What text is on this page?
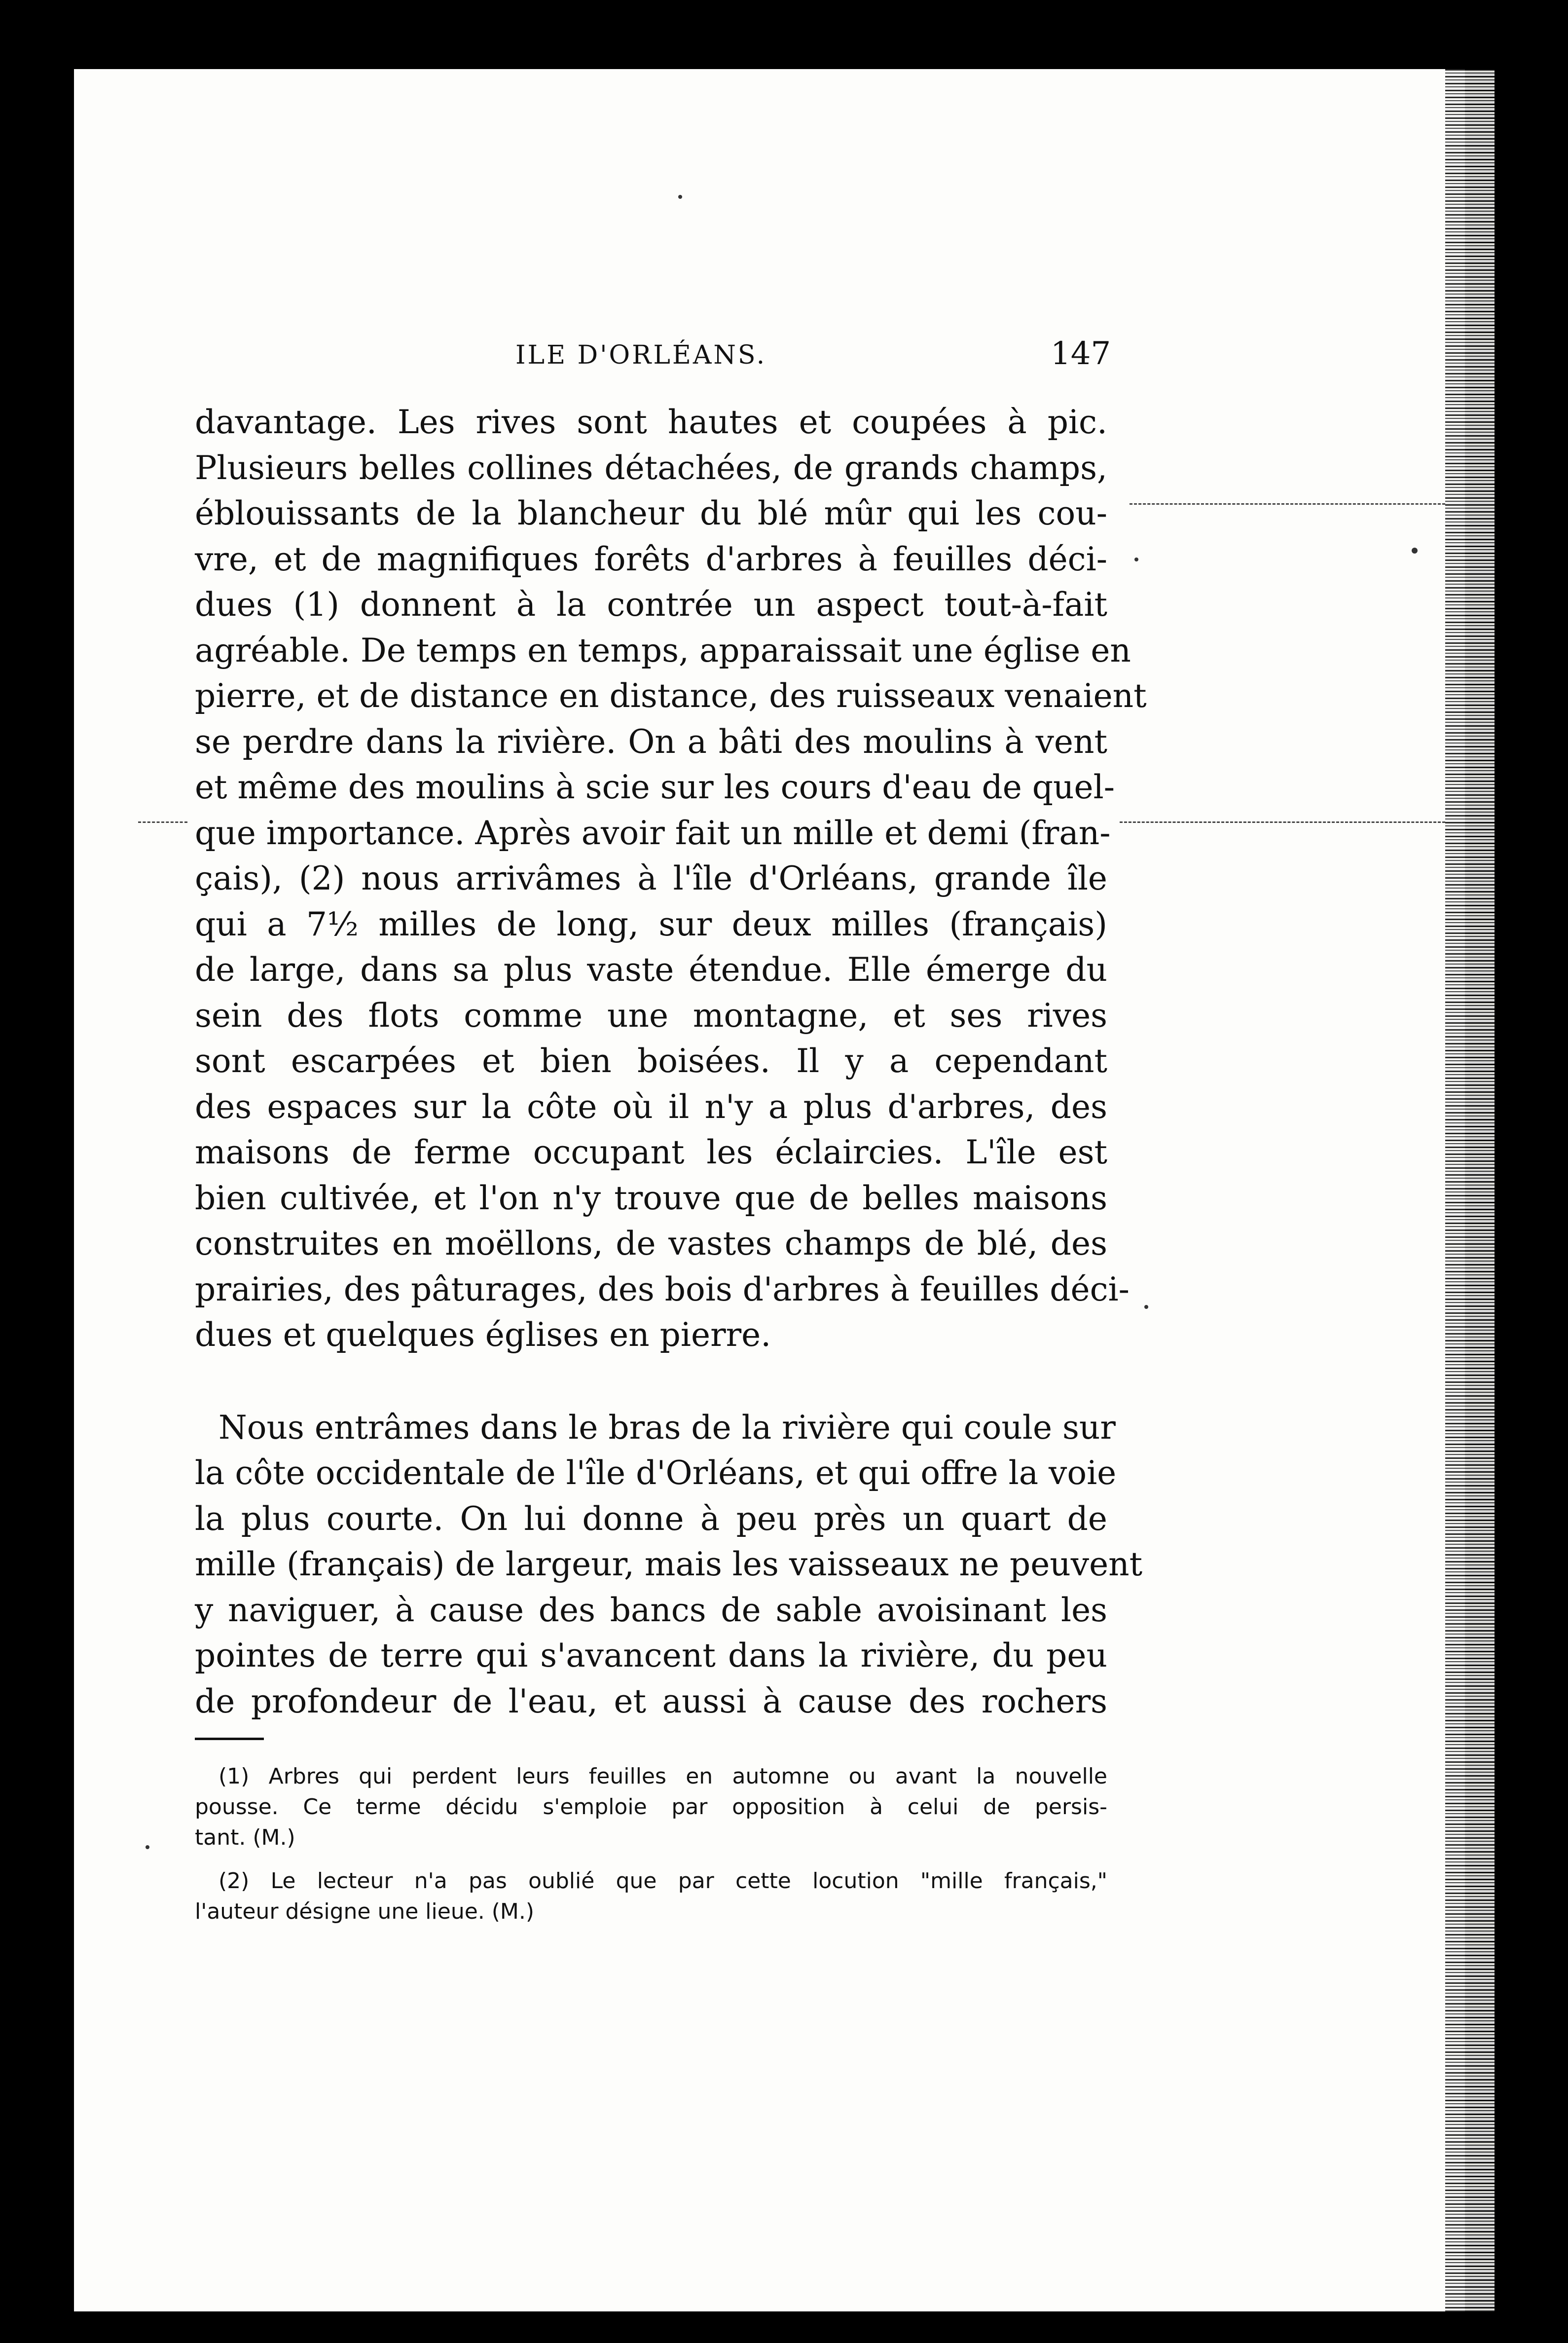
ILE D'ORLÉANS.	147
davantage. Les rives sont hautes et coupées à pic.
Plusieurs belles collines détachées, de grands champs,
éblouissants de la blancheur du blé mûr qui les cou-
vre, et de magnifiques forêts d'arbres à feuilles déci-
dues (1) donnent à la contrée un aspect tout-à-fait
agréable. De temps en temps, apparaissait une église en
pierre, et de distance en distance, des ruisseaux venaient
se perdre dans la rivière. On a bâti des moulins à vent
et même des moulins à scie sur les cours d'eau de quel-
que importance. Après avoir fait un mille et demi (fran-
çais), (2) nous arrivâmes à l'île d'Orléans, grande île
qui a 7½ milles de long, sur deux milles (français)
de large, dans sa plus vaste étendue. Elle émerge du
sein des flots comme une montagne, et ses rives
sont escarpées et bien boisées. Il y a cependant
des espaces sur la côte où il n'y a plus d'arbres, des
maisons de ferme occupant les éclaircies. L'île est
bien cultivée, et l'on n'y trouve que de belles maisons
construites en moëllons, de vastes champs de blé, des
prairies, des pâturages, des bois d'arbres à feuilles déci-
dues et quelques églises en pierre.
Nous entrâmes dans le bras de la rivière qui coule sur
la côte occidentale de l'île d'Orléans, et qui offre la voie
la plus courte. On lui donne à peu près un quart de
mille (français) de largeur, mais les vaisseaux ne peuvent
y naviguer, à cause des bancs de sable avoisinant les
pointes de terre qui s'avancent dans la rivière, du peu
de profondeur de l'eau, et aussi à cause des rochers
(1) Arbres qui perdent leurs feuilles en automne ou avant la nouvelle
pousse. Ce terme décidu s'emploie par opposition à celui de persis-
tant. (M.)
(2) Le lecteur n'a pas oublié que par cette locution "mille français,"
l'auteur désigne une lieue. (M.)
